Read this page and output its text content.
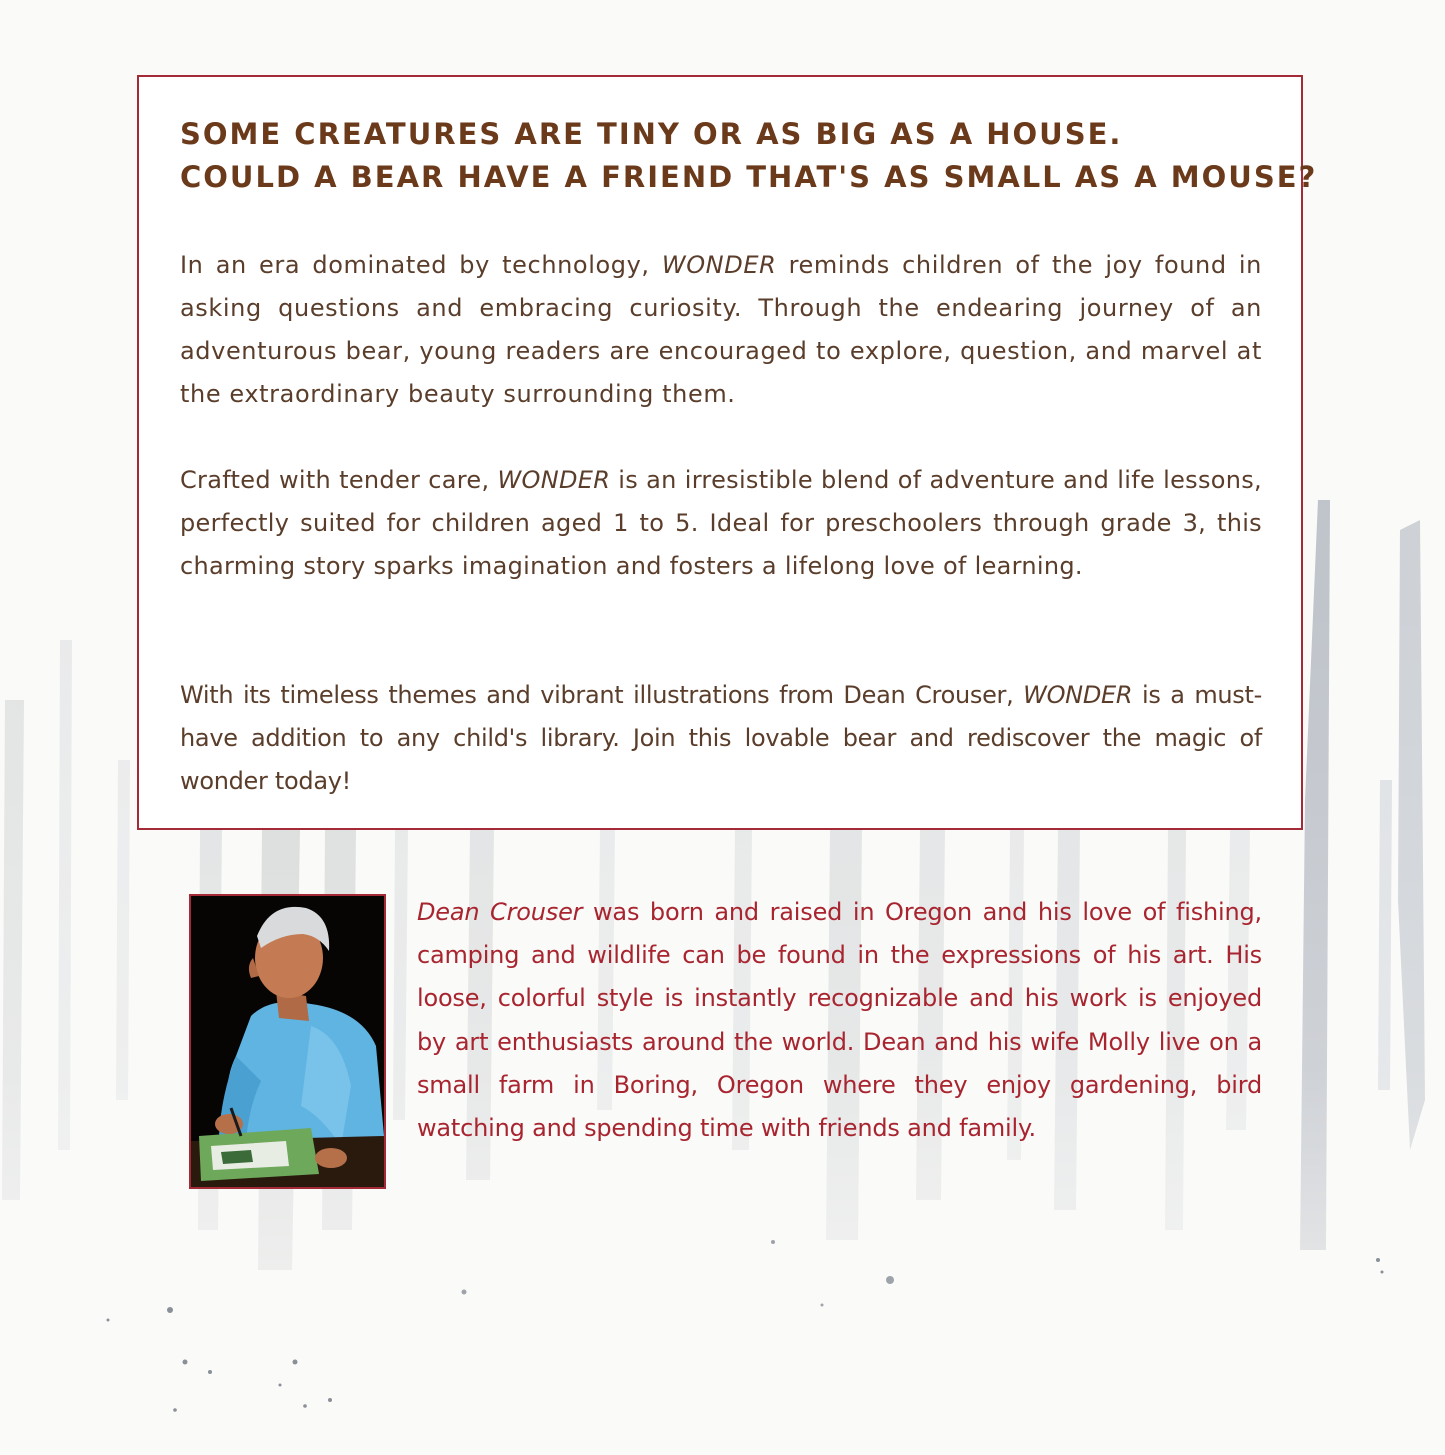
SOME CREATURES ARE TINY OR AS BIG AS A HOUSE.
COULD A BEAR HAVE A FRIEND THAT'S AS SMALL AS A MOUSE?
In an era dominated by technology, WONDER reminds children of the joy found in asking questions and embracing curiosity. Through the endearing journey of an adventurous bear, young readers are encouraged to explore, question, and marvel at the extraordinary beauty surrounding them.
Crafted with tender care, WONDER is an irresistible blend of adventure and life lessons, perfectly suited for children aged 1 to 5. Ideal for preschoolers through grade 3, this charming story sparks imagination and fosters a lifelong love of learning.
With its timeless themes and vibrant illustrations from Dean Crouser, WONDER is a must-have addition to any child's library. Join this lovable bear and rediscover the magic of wonder today!
Dean Crouser was born and raised in Oregon and his love of fishing, camping and wildlife can be found in the expressions of his art. His loose, colorful style is instantly recognizable and his work is enjoyed by art enthusiasts around the world. Dean and his wife Molly live on a small farm in Boring, Oregon where they enjoy gardening, bird watching and spending time with friends and family.
